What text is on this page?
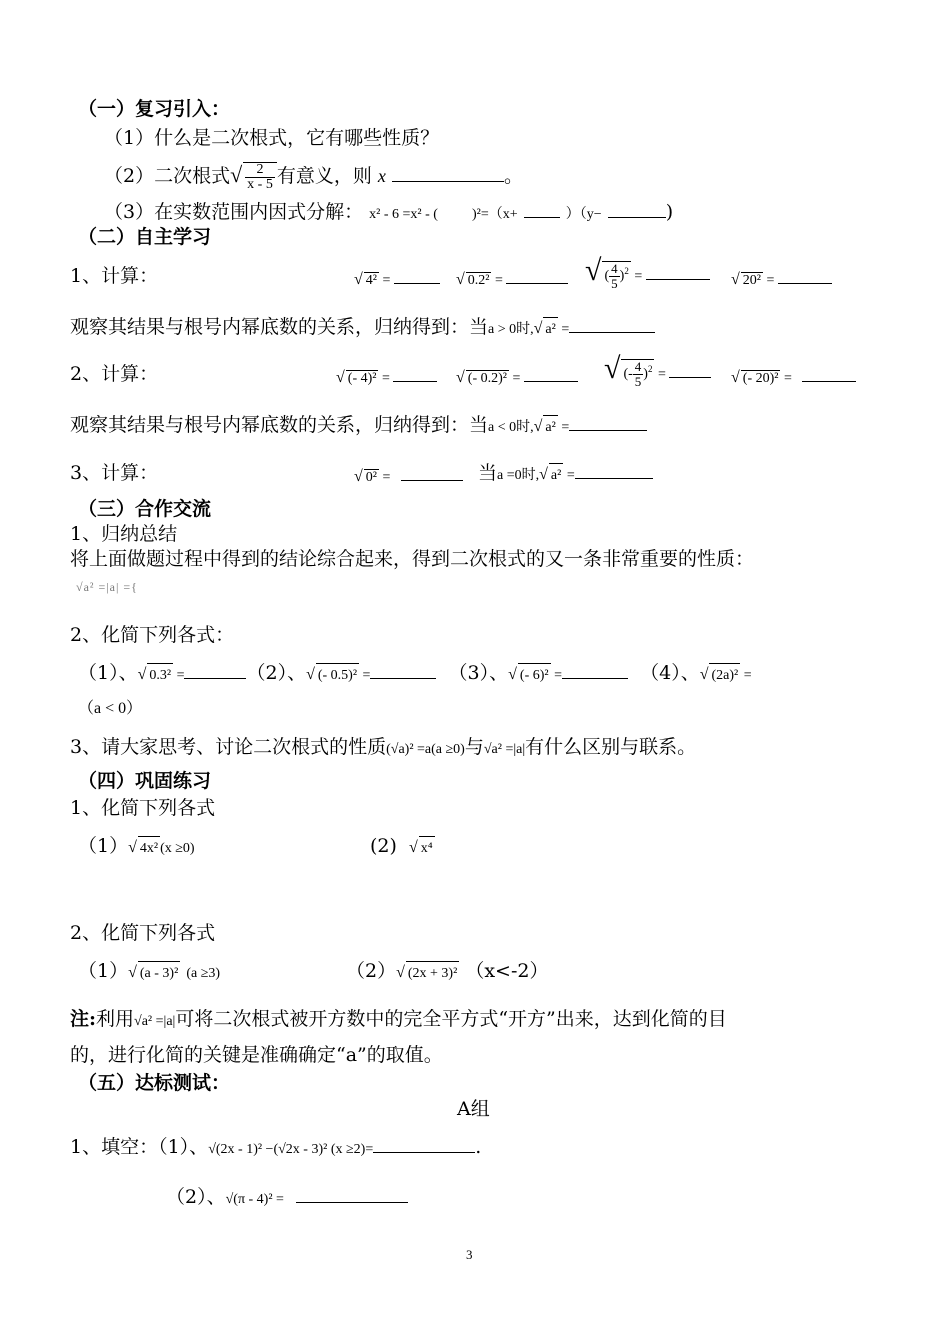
（一）复习引入：
（1）什么是二次根式，它有哪些性质？
（2）二次根式√ $\frac{2}{x - 5}$ 有意义，则 x	。
（3）在实数范围内因式分解： x² - 6 =x² - ( )²=（x+	）（y−	)
（二）自主学习
1、计算：	√ 4² =	√ 0.2² =	√ ( $\frac{4}{5} )^2$ =	√ 20² =
观察其结果与根号内幂底数的关系，归纳得到：当a > 0时,√ a² =
2、计算：	√ (- 4)² =	√ (- 0.2)² =	√ (- $\frac{4}{5} )^2$ =	√ (- 20)² =
观察其结果与根号内幂底数的关系，归纳得到：当a < 0时,√ a² =
3、计算：	√ 0² =	当a =0时,√ a² =
（三）合作交流
1、归纳总结
将上面做题过程中得到的结论综合起来，得到二次根式的又一条非常重要的性质：
√a² =|a| ={
2、化简下列各式：
（1）、√ 0.3² =	（2）、√ (- 0.5)² =	（3）、√ (- 6)² =	（4）、√ (2a)² =
（a < 0）
3、请大家思考、讨论二次根式的性质(√a)² =a(a ≥0)与√a² =|a|有什么区别与联系。
（四）巩固练习
1、化简下列各式
（1）√ 4x² (x ≥0)	(2) √ x⁴
2、化简下列各式
（1）√ (a - 3)² (a ≥3)	（2）√ (2x + 3)² （x<-2）
注:利用√a² =|a|可将二次根式被开方数中的完全平方式“开方”出来，达到化简的目
的，进行化简的关键是准确确定“a”的取值。
（五）达标测试：
A组
1、填空：（1）、√(2x - 1)² −(√2x - 3)² (x ≥2)=	.
（2）、√(π - 4)² =
3
